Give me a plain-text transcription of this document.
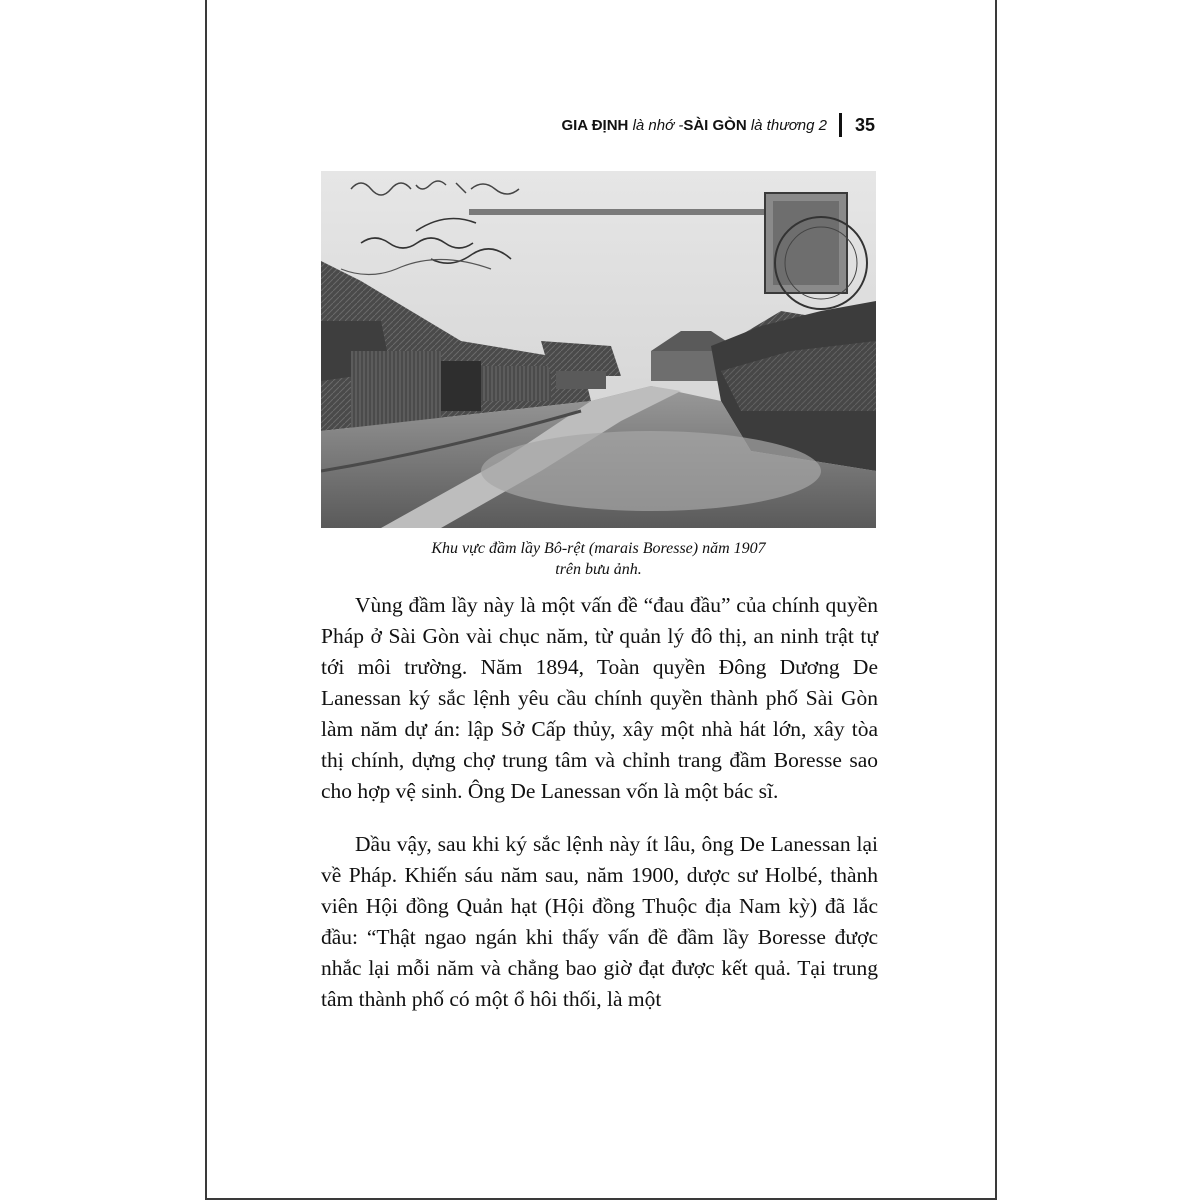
GIA ĐỊNH
là nhớ - SÀI GÒN
là thương 2 35
Khu vực đầm lầy Bô-rệt (marais Boresse) năm 1907
trên bưu ảnh.

Vùng đầm lầy này là một vấn đề “đau đầu” của chính quyền Pháp ở Sài Gòn vài chục năm, từ quản lý đô thị, an ninh trật tự tới môi trường. Năm 1894, Toàn quyền Đông Dương De Lanessan ký sắc lệnh yêu cầu chính quyền thành phố Sài Gòn làm năm dự án: lập Sở Cấp thủy, xây một nhà hát lớn, xây tòa thị chính, dựng chợ trung tâm và chỉnh trang đầm Boresse sao cho hợp vệ sinh. Ông De Lanessan vốn là một bác sĩ.

Dầu vậy, sau khi ký sắc lệnh này ít lâu, ông De Lanessan lại về Pháp. Khiến sáu năm sau, năm 1900, dược sư Holbé, thành viên Hội đồng Quản hạt (Hội đồng Thuộc địa Nam kỳ) đã lắc đầu: “Thật ngao ngán khi thấy vấn đề đầm lầy Boresse được nhắc lại mỗi năm và chẳng bao giờ đạt được kết quả. Tại trung tâm thành phố có một ổ hôi thối, là một
